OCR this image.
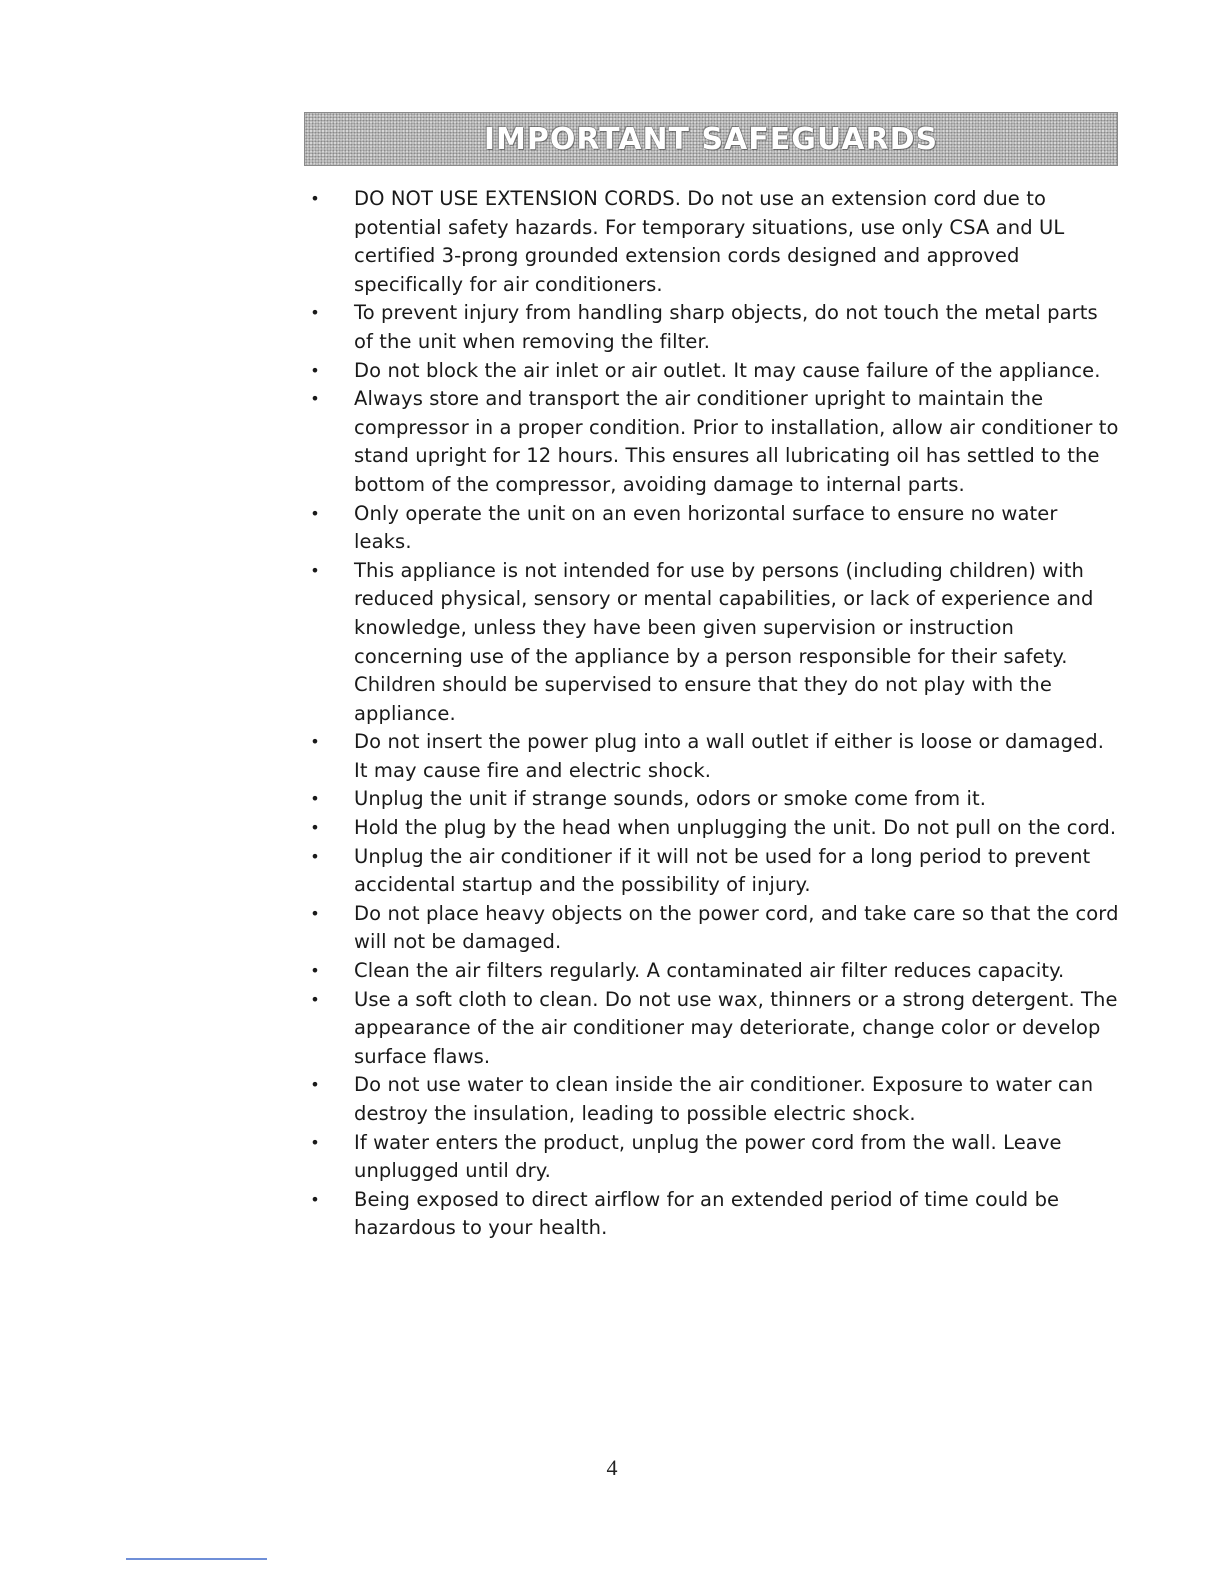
IMPORTANT SAFEGUARDS
• DO NOT USE EXTENSION CORDS. Do not use an extension cord due to potential safety hazards. For temporary situations, use only CSA and UL certified 3-prong grounded extension cords designed and approved specifically for air conditioners.
• To prevent injury from handling sharp objects, do not touch the metal parts of the unit when removing the filter.
• Do not block the air inlet or air outlet. It may cause failure of the appliance.
• Always store and transport the air conditioner upright to maintain the compressor in a proper condition. Prior to installation, allow air conditioner to stand upright for 12 hours. This ensures all lubricating oil has settled to the bottom of the compressor, avoiding damage to internal parts.
• Only operate the unit on an even horizontal surface to ensure no water leaks.
• This appliance is not intended for use by persons (including children) with reduced physical, sensory or mental capabilities, or lack of experience and knowledge, unless they have been given supervision or instruction concerning use of the appliance by a person responsible for their safety. Children should be supervised to ensure that they do not play with the appliance.
• Do not insert the power plug into a wall outlet if either is loose or damaged. It may cause fire and electric shock.
• Unplug the unit if strange sounds, odors or smoke come from it.
• Hold the plug by the head when unplugging the unit. Do not pull on the cord.
• Unplug the air conditioner if it will not be used for a long period to prevent accidental startup and the possibility of injury.
• Do not place heavy objects on the power cord, and take care so that the cord will not be damaged.
• Clean the air filters regularly. A contaminated air filter reduces capacity.
• Use a soft cloth to clean. Do not use wax, thinners or a strong detergent. The appearance of the air conditioner may deteriorate, change color or develop surface flaws.
• Do not use water to clean inside the air conditioner. Exposure to water can destroy the insulation, leading to possible electric shock.
• If water enters the product, unplug the power cord from the wall. Leave unplugged until dry.
• Being exposed to direct airflow for an extended period of time could be hazardous to your health.
4
